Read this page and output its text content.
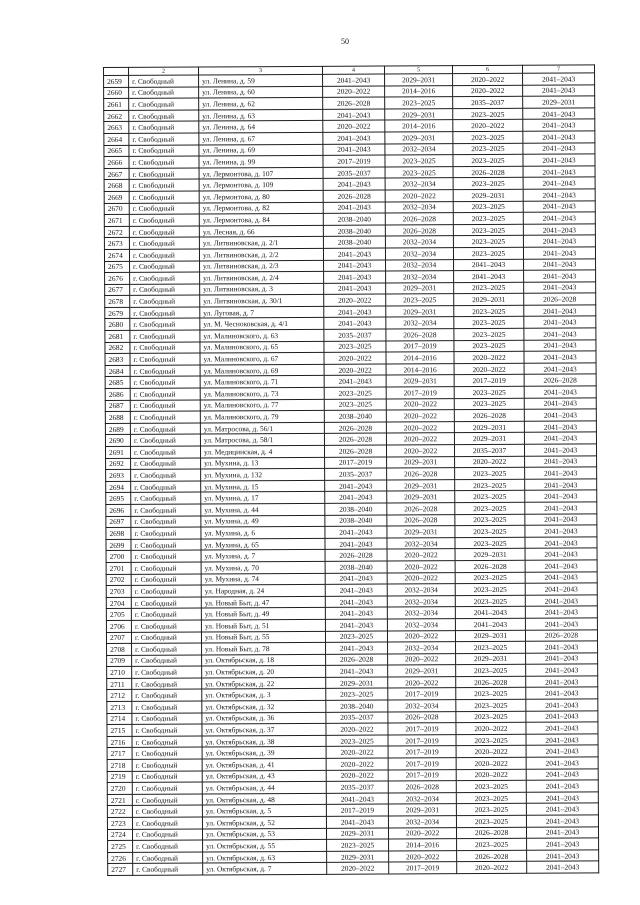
50
	2	3	4	5	6	7
2659	г. Свободный	ул. Ленина, д. 59	2041–2043	2029–2031	2020–2022	2041–2043
2660	г. Свободный	ул. Ленина, д. 60	2020–2022	2014–2016	2020–2022	2041–2043
2661	г. Свободный	ул. Ленина, д. 62	2026–2028	2023–2025	2035–2037	2029–2031
2662	г. Свободный	ул. Ленина, д. 63	2041–2043	2029–2031	2023–2025	2041–2043
2663	г. Свободный	ул. Ленина, д. 64	2020–2022	2014–2016	2020–2022	2041–2043
2664	г. Свободный	ул. Ленина, д. 67	2041–2043	2029–2031	2023–2025	2041–2043
2665	г. Свободный	ул. Ленина, д. 69	2041–2043	2032–2034	2023–2025	2041–2043
2666	г. Свободный	ул. Ленина, д. 99	2017–2019	2023–2025	2023–2025	2041–2043
2667	г. Свободный	ул. Лермонтова, д. 107	2035–2037	2023–2025	2026–2028	2041–2043
2668	г. Свободный	ул. Лермонтова, д. 109	2041–2043	2032–2034	2023–2025	2041–2043
2669	г. Свободный	ул. Лермонтова, д. 80	2026–2028	2020–2022	2029–2031	2041–2043
2670	г. Свободный	ул. Лермонтова, д. 82	2041–2043	2032–2034	2023–2025	2041–2043
2671	г. Свободный	ул. Лермонтова, д. 84	2038–2040	2026–2028	2023–2025	2041–2043
2672	г. Свободный	ул. Лесная, д. 66	2038–2040	2026–2028	2023–2025	2041–2043
2673	г. Свободный	ул. Литвиновская, д. 2/1	2038–2040	2032–2034	2023–2025	2041–2043
2674	г. Свободный	ул. Литвиновская, д. 2/2	2041–2043	2032–2034	2023–2025	2041–2043
2675	г. Свободный	ул. Литвиновская, д. 2/3	2041–2043	2032–2034	2041–2043	2041–2043
2676	г. Свободный	ул. Литвиновская, д. 2/4	2041–2043	2032–2034	2041–2043	2041–2043
2677	г. Свободный	ул. Литвиновская, д. 3	2041–2043	2029–2031	2023–2025	2041–2043
2678	г. Свободный	ул. Литвиновская, д. 30/1	2020–2022	2023–2025	2029–2031	2026–2028
2679	г. Свободный	ул. Луговая, д. 7	2041–2043	2029–2031	2023–2025	2041–2043
2680	г. Свободный	ул. М. Чесноковская, д. 4/1	2041–2043	2032–2034	2023–2025	2041–2043
2681	г. Свободный	ул. Малиновского, д. 63	2035–2037	2026–2028	2023–2025	2041–2043
2682	г. Свободный	ул. Малиновского, д. 65	2023–2025	2017–2019	2023–2025	2041–2043
2683	г. Свободный	ул. Малиновского, д. 67	2020–2022	2014–2016	2020–2022	2041–2043
2684	г. Свободный	ул. Малиновского, д. 69	2020–2022	2014–2016	2020–2022	2041–2043
2685	г. Свободный	ул. Малиновского, д. 71	2041–2043	2029–2031	2017–2019	2026–2028
2686	г. Свободный	ул. Малиновского, д. 73	2023–2025	2017–2019	2023–2025	2041–2043
2687	г. Свободный	ул. Малиновского, д. 77	2023–2025	2020–2022	2023–2025	2041–2043
2688	г. Свободный	ул. Малиновского, д. 79	2038–2040	2020–2022	2026–2028	2041–2043
2689	г. Свободный	ул. Матросова, д. 56/1	2026–2028	2020–2022	2029–2031	2041–2043
2690	г. Свободный	ул. Матросова, д. 58/1	2026–2028	2020–2022	2029–2031	2041–2043
2691	г. Свободный	ул. Медицинская, д. 4	2026–2028	2020–2022	2035–2037	2041–2043
2692	г. Свободный	ул. Мухина, д. 13	2017–2019	2029–2031	2020–2022	2041–2043
2693	г. Свободный	ул. Мухина, д. 132	2035–2037	2026–2028	2023–2025	2041–2043
2694	г. Свободный	ул. Мухина, д. 15	2041–2043	2029–2031	2023–2025	2041–2043
2695	г. Свободный	ул. Мухина, д. 17	2041–2043	2029–2031	2023–2025	2041–2043
2696	г. Свободный	ул. Мухина, д. 44	2038–2040	2026–2028	2023–2025	2041–2043
2697	г. Свободный	ул. Мухина, д. 49	2038–2040	2026–2028	2023–2025	2041–2043
2698	г. Свободный	ул. Мухина, д. 6	2041–2043	2029–2031	2023–2025	2041–2043
2699	г. Свободный	ул. Мухина, д. 65	2041–2043	2032–2034	2023–2025	2041–2043
2700	г. Свободный	ул. Мухина, д. 7	2026–2028	2020–2022	2029–2031	2041–2043
2701	г. Свободный	ул. Мухина, д. 70	2038–2040	2020–2022	2026–2028	2041–2043
2702	г. Свободный	ул. Мухина, д. 74	2041–2043	2020–2022	2023–2025	2041–2043
2703	г. Свободный	ул. Народная, д. 24	2041–2043	2032–2034	2023–2025	2041–2043
2704	г. Свободный	ул. Новый Быт, д. 47	2041–2043	2032–2034	2023–2025	2041–2043
2705	г. Свободный	ул. Новый Быт, д. 49	2041–2043	2032–2034	2041–2043	2041–2043
2706	г. Свободный	ул. Новый Быт, д. 51	2041–2043	2032–2034	2041–2043	2041–2043
2707	г. Свободный	ул. Новый Быт, д. 55	2023–2025	2020–2022	2029–2031	2026–2028
2708	г. Свободный	ул. Новый Быт, д. 78	2041–2043	2032–2034	2023–2025	2041–2043
2709	г. Свободный	ул. Октябрьская, д. 18	2026–2028	2020–2022	2029–2031	2041–2043
2710	г. Свободный	ул. Октябрьская, д. 20	2041–2043	2029–2031	2023–2025	2041–2043
2711	г. Свободный	ул. Октябрьская, д. 22	2029–2031	2020–2022	2026–2028	2041–2043
2712	г. Свободный	ул. Октябрьская, д. 3	2023–2025	2017–2019	2023–2025	2041–2043
2713	г. Свободный	ул. Октябрьская, д. 32	2038–2040	2032–2034	2023–2025	2041–2043
2714	г. Свободный	ул. Октябрьская, д. 36	2035–2037	2026–2028	2023–2025	2041–2043
2715	г. Свободный	ул. Октябрьская, д. 37	2020–2022	2017–2019	2020–2022	2041–2043
2716	г. Свободный	ул. Октябрьская, д. 38	2023–2025	2017–2019	2023–2025	2041–2043
2717	г. Свободный	ул. Октябрьская, д. 39	2020–2022	2017–2019	2020–2022	2041–2043
2718	г. Свободный	ул. Октябрьская, д. 41	2020–2022	2017–2019	2020–2022	2041–2043
2719	г. Свободный	ул. Октябрьская, д. 43	2020–2022	2017–2019	2020–2022	2041–2043
2720	г. Свободный	ул. Октябрьская, д. 44	2035–2037	2026–2028	2023–2025	2041–2043
2721	г. Свободный	ул. Октябрьская, д. 48	2041–2043	2032–2034	2023–2025	2041–2043
2722	г. Свободный	ул. Октябрьская, д. 5	2017–2019	2029–2031	2023–2025	2041–2043
2723	г. Свободный	ул. Октябрьская, д. 52	2041–2043	2032–2034	2023–2025	2041–2043
2724	г. Свободный	ул. Октябрьская, д. 53	2029–2031	2020–2022	2026–2028	2041–2043
2725	г. Свободный	ул. Октябрьская, д. 55	2023–2025	2014–2016	2023–2025	2041–2043
2726	г. Свободный	ул. Октябрьская, д. 63	2029–2031	2020–2022	2026–2028	2041–2043
2727	г. Свободный	ул. Октябрьская, д. 7	2020–2022	2017–2019	2020–2022	2041–2043
